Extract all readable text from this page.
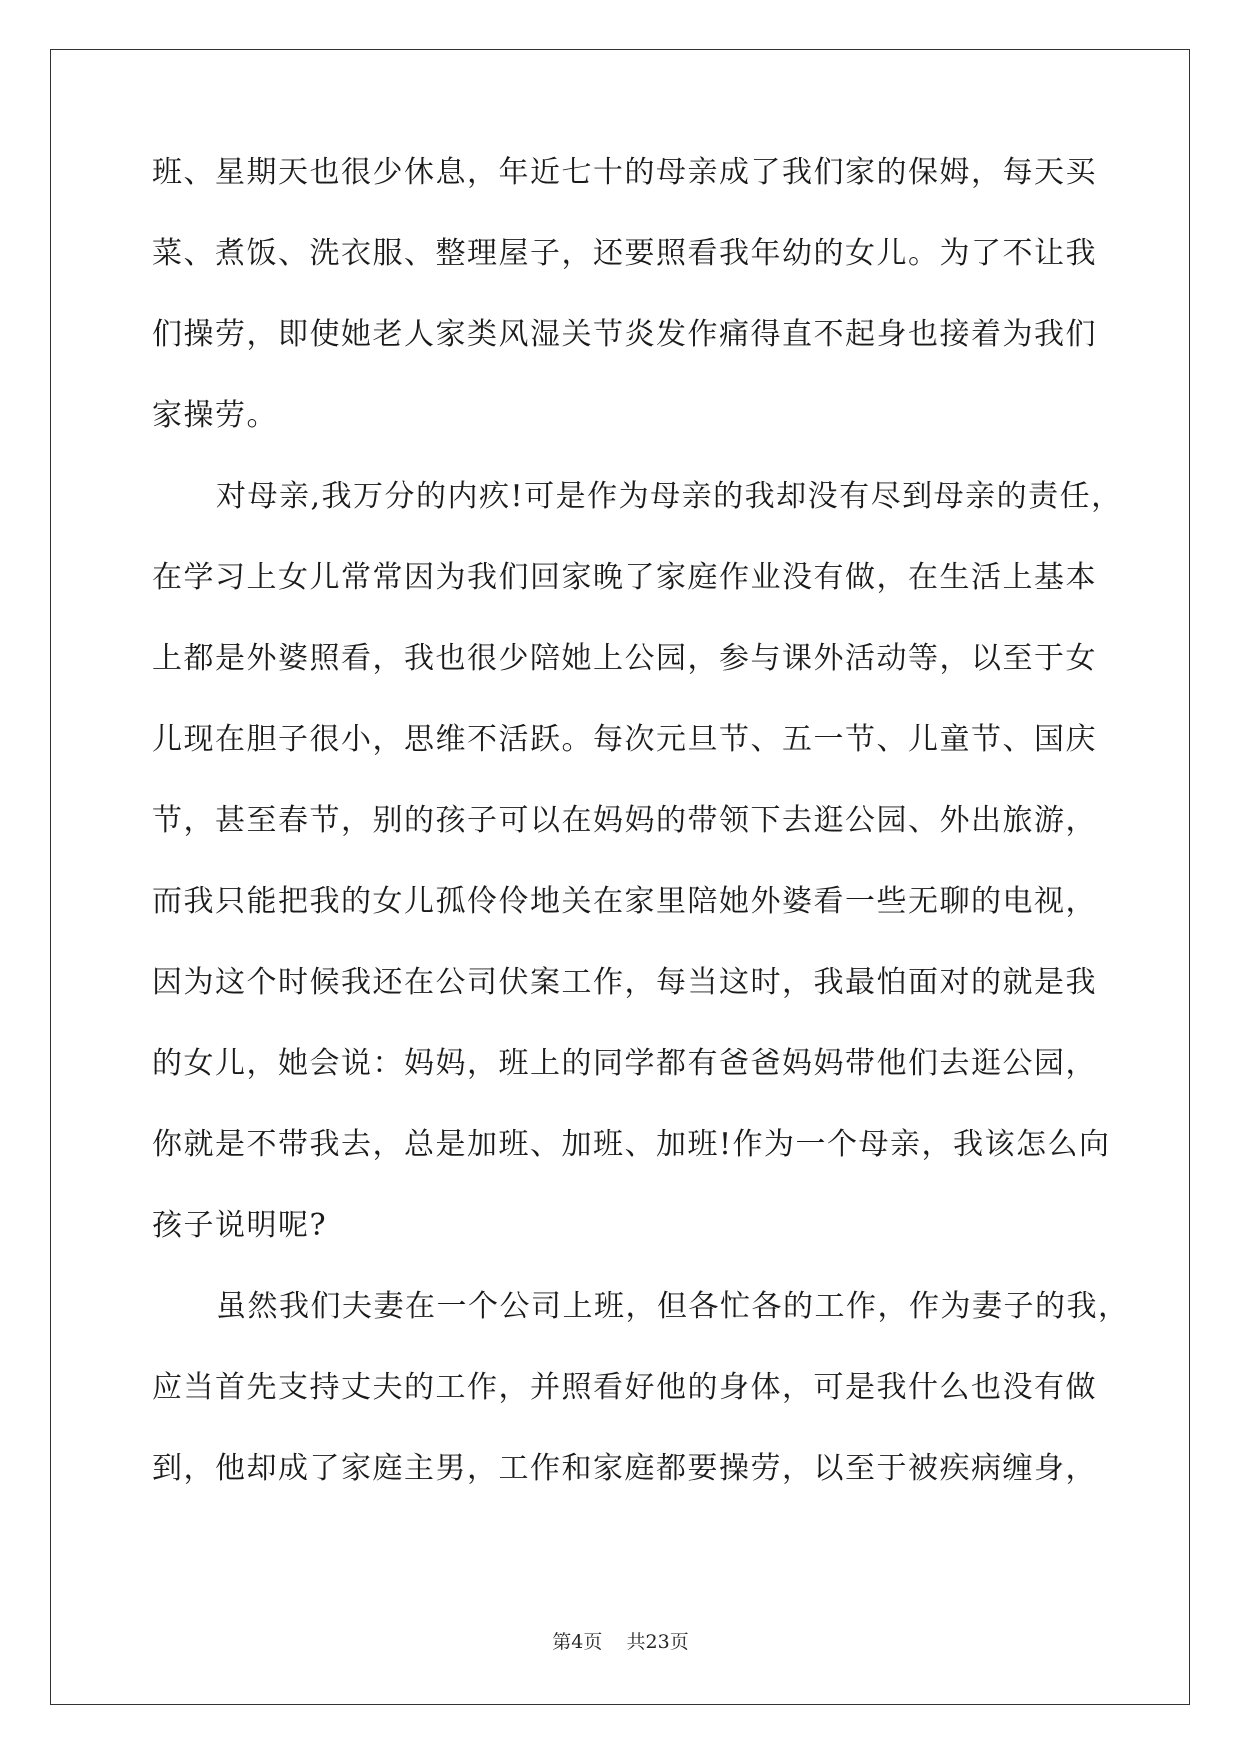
班、星期天也很少休息，年近七十的母亲成了我们家的保姆，每天买
菜、煮饭、洗衣服、整理屋子，还要照看我年幼的女儿。为了不让我
们操劳，即使她老人家类风湿关节炎发作痛得直不起身也接着为我们
家操劳。
对母亲,我万分的内疚!可是作为母亲的我却没有尽到母亲的责任，
在学习上女儿常常因为我们回家晚了家庭作业没有做，在生活上基本
上都是外婆照看，我也很少陪她上公园，参与课外活动等，以至于女
儿现在胆子很小，思维不活跃。每次元旦节、五一节、儿童节、国庆
节，甚至春节，别的孩子可以在妈妈的带领下去逛公园、外出旅游，
而我只能把我的女儿孤伶伶地关在家里陪她外婆看一些无聊的电视，
因为这个时候我还在公司伏案工作，每当这时，我最怕面对的就是我
的女儿，她会说：妈妈，班上的同学都有爸爸妈妈带他们去逛公园，
你就是不带我去，总是加班、加班、加班!作为一个母亲，我该怎么向
孩子说明呢?
虽然我们夫妻在一个公司上班，但各忙各的工作，作为妻子的我，
应当首先支持丈夫的工作，并照看好他的身体，可是我什么也没有做
到，他却成了家庭主男，工作和家庭都要操劳，以至于被疾病缠身，
第4页    共23页
